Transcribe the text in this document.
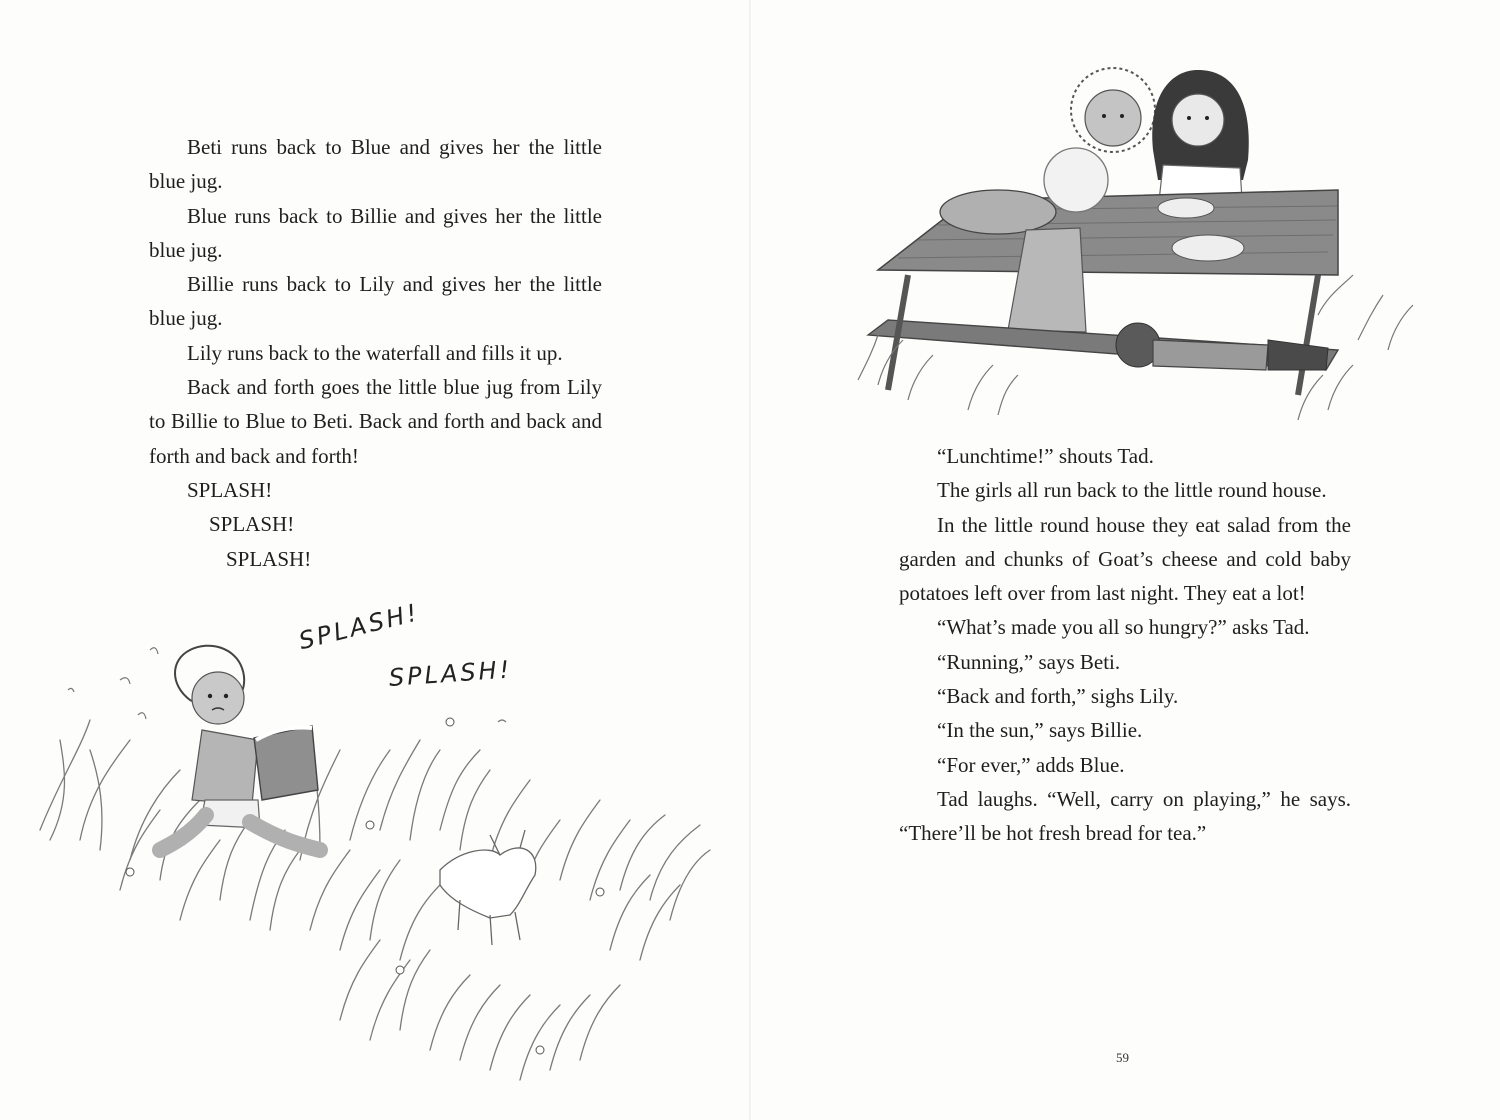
Beti runs back to Blue and gives her the little blue jug.

Blue runs back to Billie and gives her the little blue jug.

Billie runs back to Lily and gives her the little blue jug.

Lily runs back to the waterfall and fills it up.

Back and forth goes the little blue jug from Lily to Billie to Blue to Beti. Back and forth and back and forth and back and forth!

SPLASH!

SPLASH!

SPLASH!

SPLASH!
SPLASH!

“Lunchtime!” shouts Tad.

The girls all run back to the little round house.

In the little round house they eat salad from the garden and chunks of Goat’s cheese and cold baby potatoes left over from last night. They eat a lot!

“What’s made you all so hungry?” asks Tad.

“Running,” says Beti.

“Back and forth,” sighs Lily.

“In the sun,” says Billie.

“For ever,” adds Blue.

Tad laughs. “Well, carry on playing,” he says. “There’ll be hot fresh bread for tea.”

59
